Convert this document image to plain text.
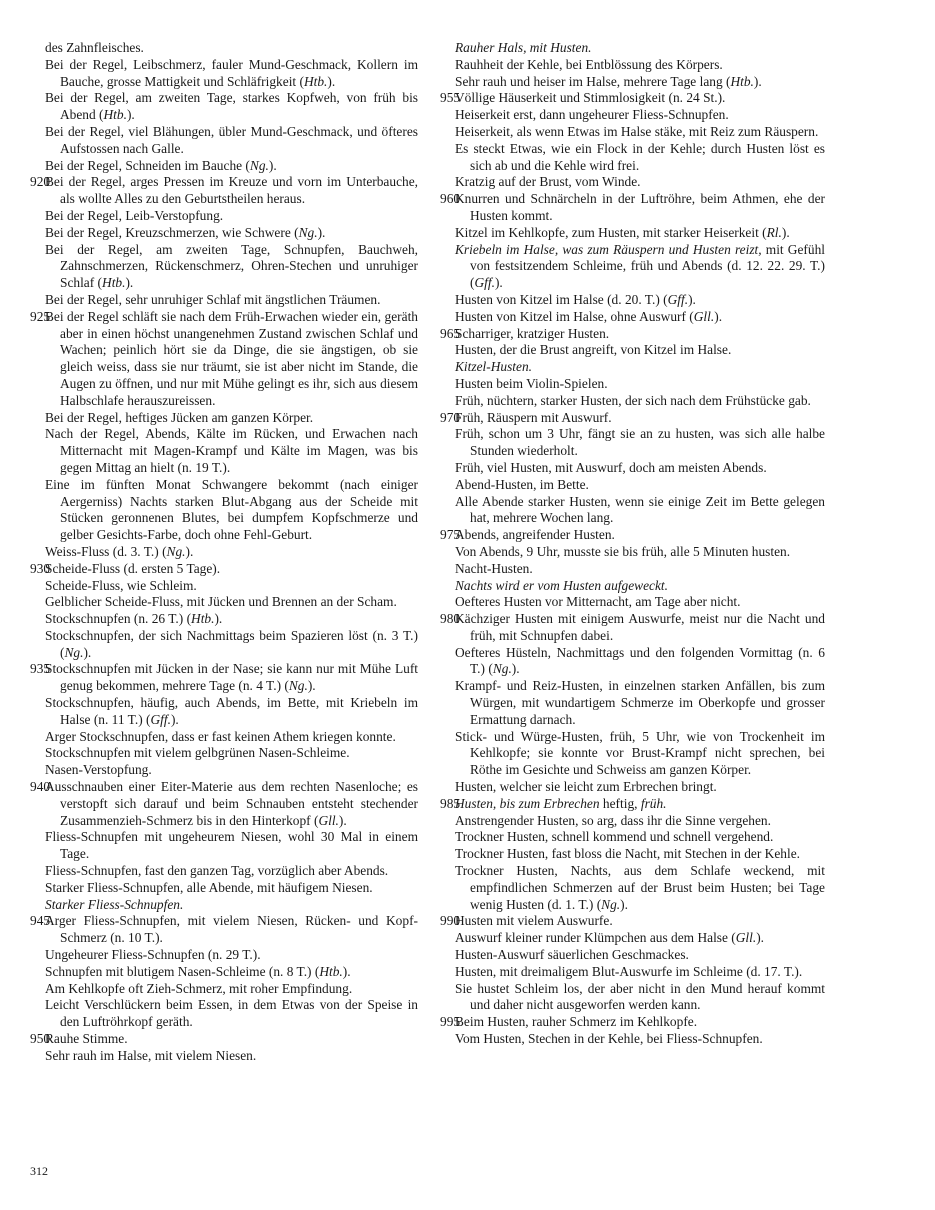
des Zahnfleisches.

Bei der Regel, Leibschmerz, fauler Mund-Geschmack, Kollern im Bauche, grosse Mattigkeit und Schläfrigkeit (Htb.).

Bei der Regel, am zweiten Tage, starkes Kopfweh, von früh bis Abend (Htb.).

Bei der Regel, viel Blähungen, übler Mund-Geschmack, und öfteres Aufstossen nach Galle.

Bei der Regel, Schneiden im Bauche (Ng.).

920
Bei der Regel, arges Pressen im Kreuze und vorn im Unterbauche, als wollte Alles zu den Geburtstheilen heraus.

Bei der Regel, Leib-Verstopfung.

Bei der Regel, Kreuzschmerzen, wie Schwere (Ng.).

Bei der Regel, am zweiten Tage, Schnupfen, Bauchweh, Zahnschmerzen, Rückenschmerz, Ohren-Stechen und unruhiger Schlaf (Htb.).

Bei der Regel, sehr unruhiger Schlaf mit ängstlichen Träumen.

925
Bei der Regel schläft sie nach dem Früh-Erwachen wieder ein, geräth aber in einen höchst unangenehmen Zustand zwischen Schlaf und Wachen; peinlich hört sie da Dinge, die sie ängstigen, ob sie gleich weiss, dass sie nur träumt, sie ist aber nicht im Stande, die Augen zu öffnen, und nur mit Mühe gelingt es ihr, sich aus diesem Halbschlafe herauszureissen.

Bei der Regel, heftiges Jücken am ganzen Körper.

Nach der Regel, Abends, Kälte im Rücken, und Erwachen nach Mitternacht mit Magen-Krampf und Kälte im Magen, was bis gegen Mittag an hielt (n. 19 T.).

Eine im fünften Monat Schwangere bekommt (nach einiger Aergerniss) Nachts starken Blut-Abgang aus der Scheide mit Stücken geronnenen Blutes, bei dumpfem Kopfschmerze und gelber Gesichts-Farbe, doch ohne Fehl-Geburt.

Weiss-Fluss (d. 3. T.) (Ng.).

930
Scheide-Fluss (d. ersten 5 Tage).

Scheide-Fluss, wie Schleim.

Gelblicher Scheide-Fluss, mit Jücken und Brennen an der Scham.

Stockschnupfen (n. 26 T.) (Htb.).

Stockschnupfen, der sich Nachmittags beim Spazieren löst (n. 3 T.) (Ng.).

935
Stockschnupfen mit Jücken in der Nase; sie kann nur mit Mühe Luft genug bekommen, mehrere Tage (n. 4 T.) (Ng.).

Stockschnupfen, häufig, auch Abends, im Bette, mit Kriebeln im Halse (n. 11 T.) (Gff.).

Arger Stockschnupfen, dass er fast keinen Athem kriegen konnte.

Stockschnupfen mit vielem gelbgrünen Nasen-Schleime.

Nasen-Verstopfung.

940
Ausschnauben einer Eiter-Materie aus dem rechten Nasenloche; es verstopft sich darauf und beim Schnauben entsteht stechender Zusammenzieh-Schmerz bis in den Hinterkopf (Gll.).

Fliess-Schnupfen mit ungeheurem Niesen, wohl 30 Mal in einem Tage.

Fliess-Schnupfen, fast den ganzen Tag, vorzüglich aber Abends.

Starker Fliess-Schnupfen, alle Abende, mit häufigem Niesen.

Starker Fliess-Schnupfen.

945
Arger Fliess-Schnupfen, mit vielem Niesen, Rücken- und Kopf-Schmerz (n. 10 T.).

Ungeheurer Fliess-Schnupfen (n. 29 T.).

Schnupfen mit blutigem Nasen-Schleime (n. 8 T.) (Htb.).

Am Kehlkopfe oft Zieh-Schmerz, mit roher Empfindung.

Leicht Verschlückern beim Essen, in dem Etwas von der Speise in den Luftröhrkopf geräth.

950
Rauhe Stimme.

Sehr rauh im Halse, mit vielem Niesen.

Rauher Hals, mit Husten.

Rauhheit der Kehle, bei Entblössung des Körpers.

Sehr rauh und heiser im Halse, mehrere Tage lang (Htb.).

955
Völlige Häuserkeit und Stimmlosigkeit (n. 24 St.).

Heiserkeit erst, dann ungeheurer Fliess-Schnupfen.

Heiserkeit, als wenn Etwas im Halse stäke, mit Reiz zum Räuspern.

Es steckt Etwas, wie ein Flock in der Kehle; durch Husten löst es sich ab und die Kehle wird frei.

Kratzig auf der Brust, vom Winde.

960
Knurren und Schnärcheln in der Luftröhre, beim Athmen, ehe der Husten kommt.

Kitzel im Kehlkopfe, zum Husten, mit starker Heiserkeit (Rl.).

Kriebeln im Halse, was zum Räuspern und Husten reizt, mit Gefühl von festsitzendem Schleime, früh und Abends (d. 12. 22. 29. T.) (Gff.).

Husten von Kitzel im Halse (d. 20. T.) (Gff.).

Husten von Kitzel im Halse, ohne Auswurf (Gll.).

965
Scharriger, kratziger Husten.

Husten, der die Brust angreift, von Kitzel im Halse.

Kitzel-Husten.

Husten beim Violin-Spielen.

Früh, nüchtern, starker Husten, der sich nach dem Frühstücke gab.

970
Früh, Räuspern mit Auswurf.

Früh, schon um 3 Uhr, fängt sie an zu husten, was sich alle halbe Stunden wiederholt.

Früh, viel Husten, mit Auswurf, doch am meisten Abends.

Abend-Husten, im Bette.

Alle Abende starker Husten, wenn sie einige Zeit im Bette gelegen hat, mehrere Wochen lang.

975
Abends, angreifender Husten.

Von Abends, 9 Uhr, musste sie bis früh, alle 5 Minuten husten.

Nacht-Husten.

Nachts wird er vom Husten aufgeweckt.

Oefteres Husten vor Mitternacht, am Tage aber nicht.

980
Kächziger Husten mit einigem Auswurfe, meist nur die Nacht und früh, mit Schnupfen dabei.

Oefteres Hüsteln, Nachmittags und den folgenden Vormittag (n. 6 T.) (Ng.).

Krampf- und Reiz-Husten, in einzelnen starken Anfällen, bis zum Würgen, mit wundartigem Schmerze im Oberkopfe und grosser Ermattung darnach.

Stick- und Würge-Husten, früh, 5 Uhr, wie von Trockenheit im Kehlkopfe; sie konnte vor Brust-Krampf nicht sprechen, bei Röthe im Gesichte und Schweiss am ganzen Körper.

Husten, welcher sie leicht zum Erbrechen bringt.

985
Husten, bis zum Erbrechen heftig, früh.

Anstrengender Husten, so arg, dass ihr die Sinne vergehen.

Trockner Husten, schnell kommend und schnell vergehend.

Trockner Husten, fast bloss die Nacht, mit Stechen in der Kehle.

Trockner Husten, Nachts, aus dem Schlafe weckend, mit empfindlichen Schmerzen auf der Brust beim Husten; bei Tage wenig Husten (d. 1. T.) (Ng.).

990
Husten mit vielem Auswurfe.

Auswurf kleiner runder Klümpchen aus dem Halse (Gll.).

Husten-Auswurf säuerlichen Geschmackes.

Husten, mit dreimaligem Blut-Auswurfe im Schleime (d. 17. T.).

Sie hustet Schleim los, der aber nicht in den Mund herauf kommt und daher nicht ausgeworfen werden kann.

995
Beim Husten, rauher Schmerz im Kehlkopfe.

Vom Husten, Stechen in der Kehle, bei Fliess-Schnupfen.

312
